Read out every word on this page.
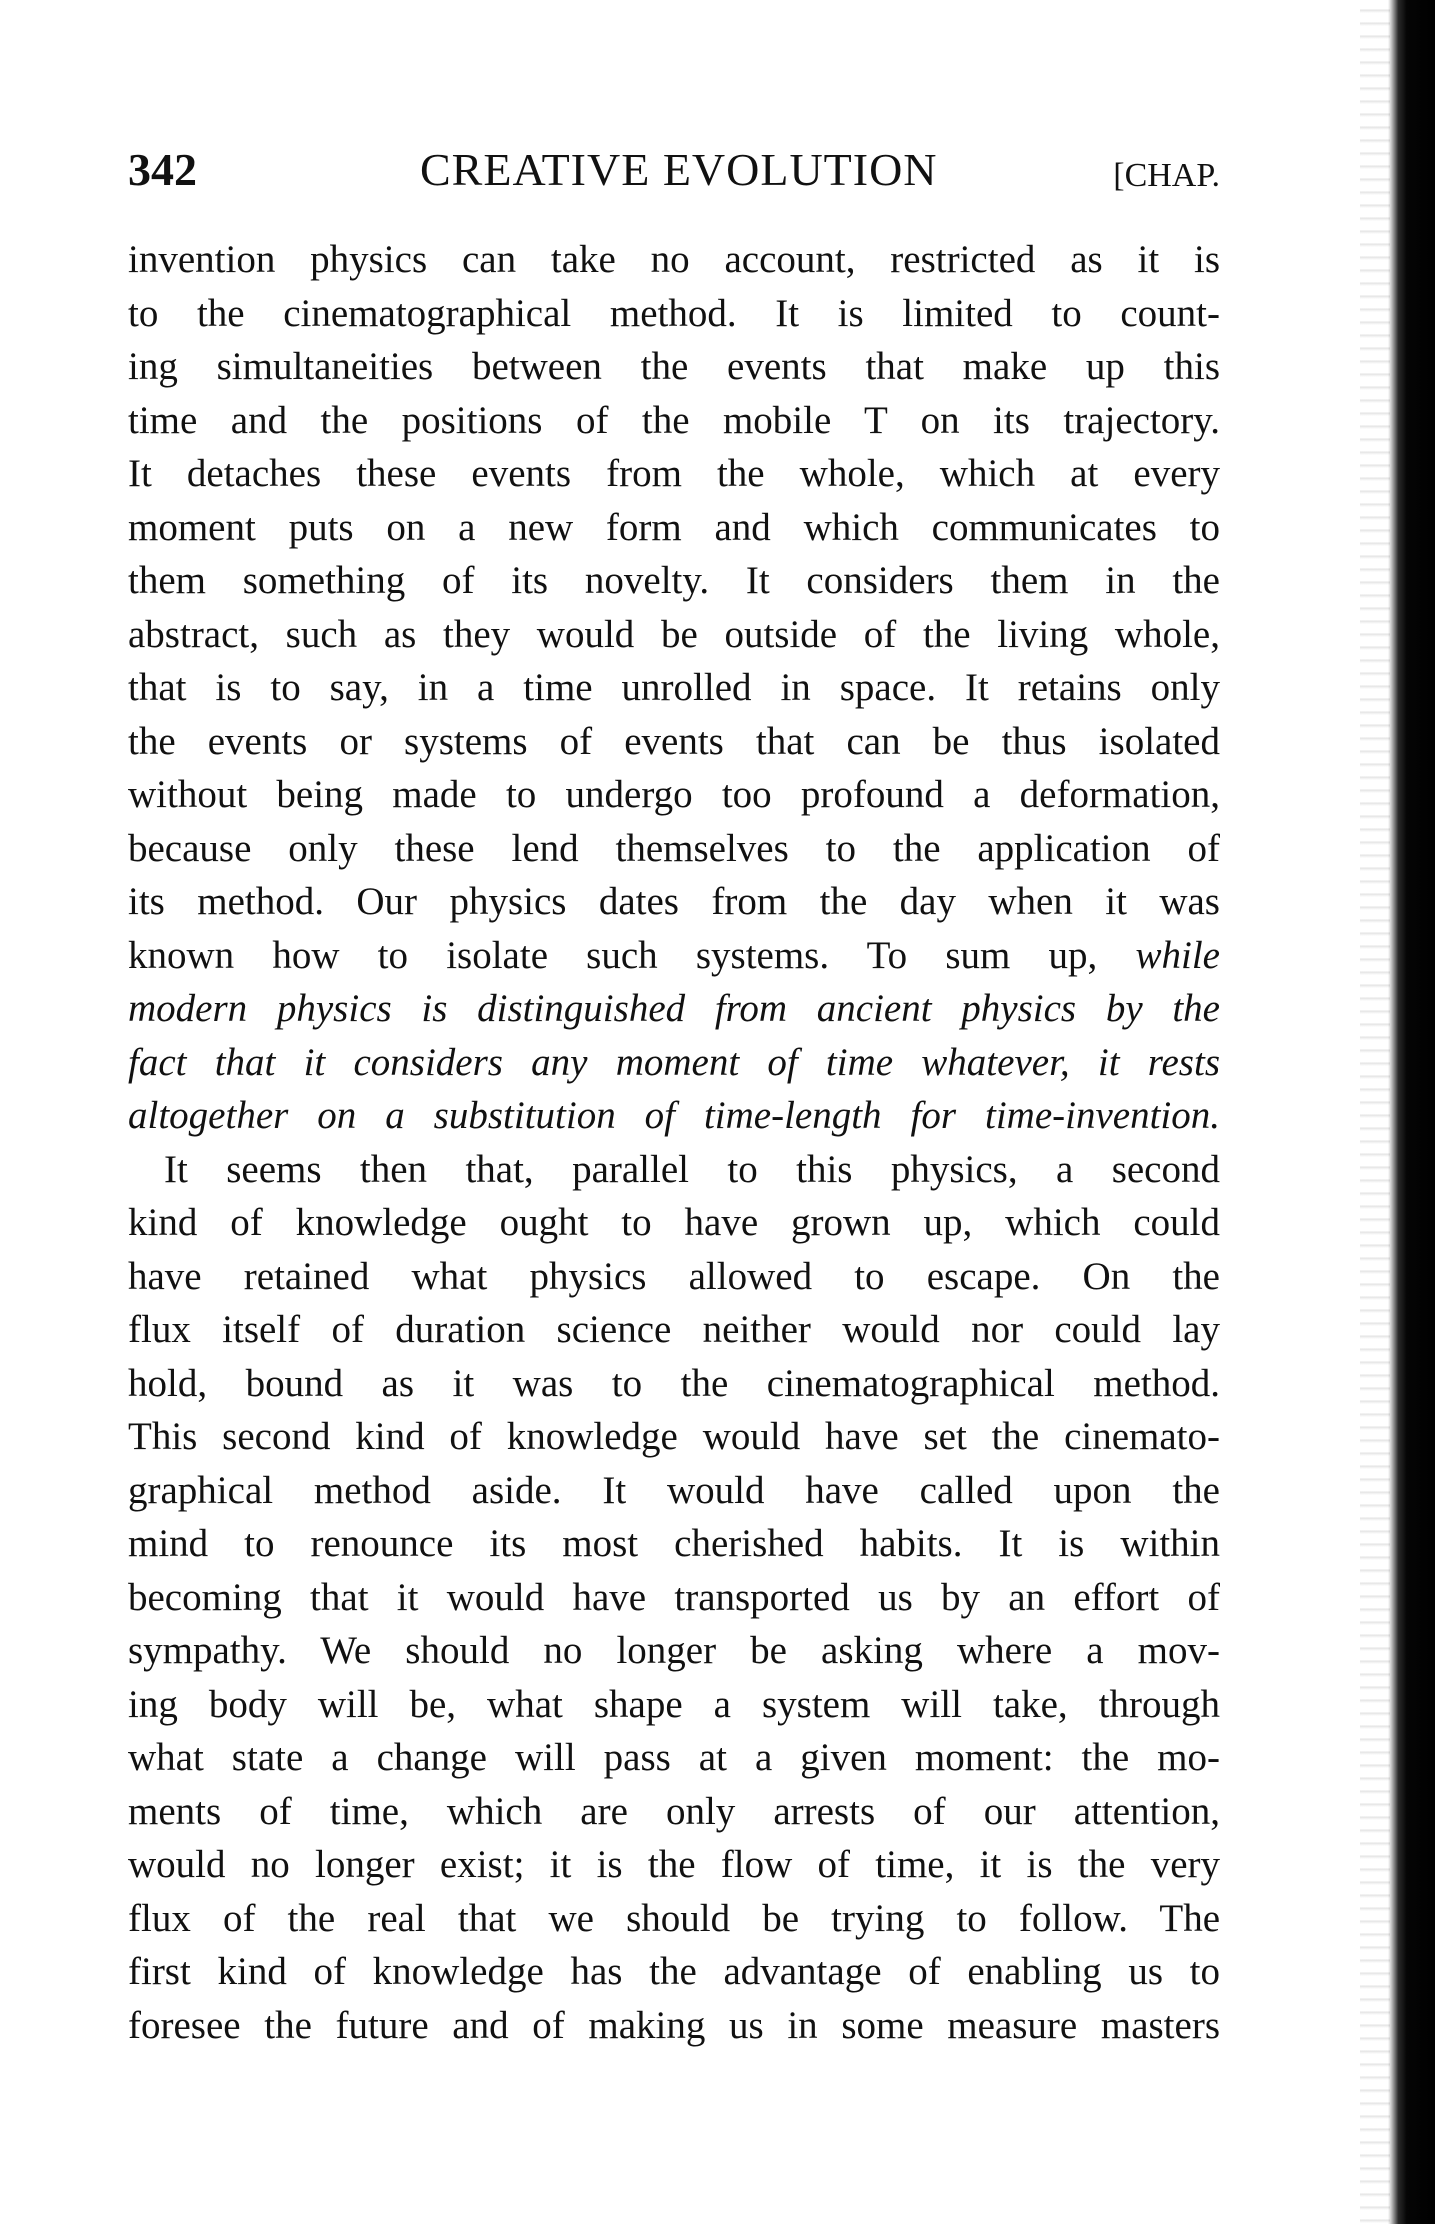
342	CREATIVE EVOLUTION	[CHAP.
invention physics can take no account, restricted as it is
to the cinematographical method. It is limited to count-
ing simultaneities between the events that make up this
time and the positions of the mobile T on its trajectory.
It detaches these events from the whole, which at every
moment puts on a new form and which communicates to
them something of its novelty. It considers them in the
abstract, such as they would be outside of the living whole,
that is to say, in a time unrolled in space. It retains only
the events or systems of events that can be thus isolated
without being made to undergo too profound a deformation,
because only these lend themselves to the application of
its method. Our physics dates from the day when it was
known how to isolate such systems. To sum up, while
modern physics is distinguished from ancient physics by the
fact that it considers any moment of time whatever, it rests
altogether on a substitution of time-length for time-invention.
It seems then that, parallel to this physics, a second
kind of knowledge ought to have grown up, which could
have retained what physics allowed to escape. On the
flux itself of duration science neither would nor could lay
hold, bound as it was to the cinematographical method.
This second kind of knowledge would have set the cinemato-
graphical method aside. It would have called upon the
mind to renounce its most cherished habits. It is within
becoming that it would have transported us by an effort of
sympathy. We should no longer be asking where a mov-
ing body will be, what shape a system will take, through
what state a change will pass at a given moment: the mo-
ments of time, which are only arrests of our attention,
would no longer exist; it is the flow of time, it is the very
flux of the real that we should be trying to follow. The
first kind of knowledge has the advantage of enabling us to
foresee the future and of making us in some measure masters
